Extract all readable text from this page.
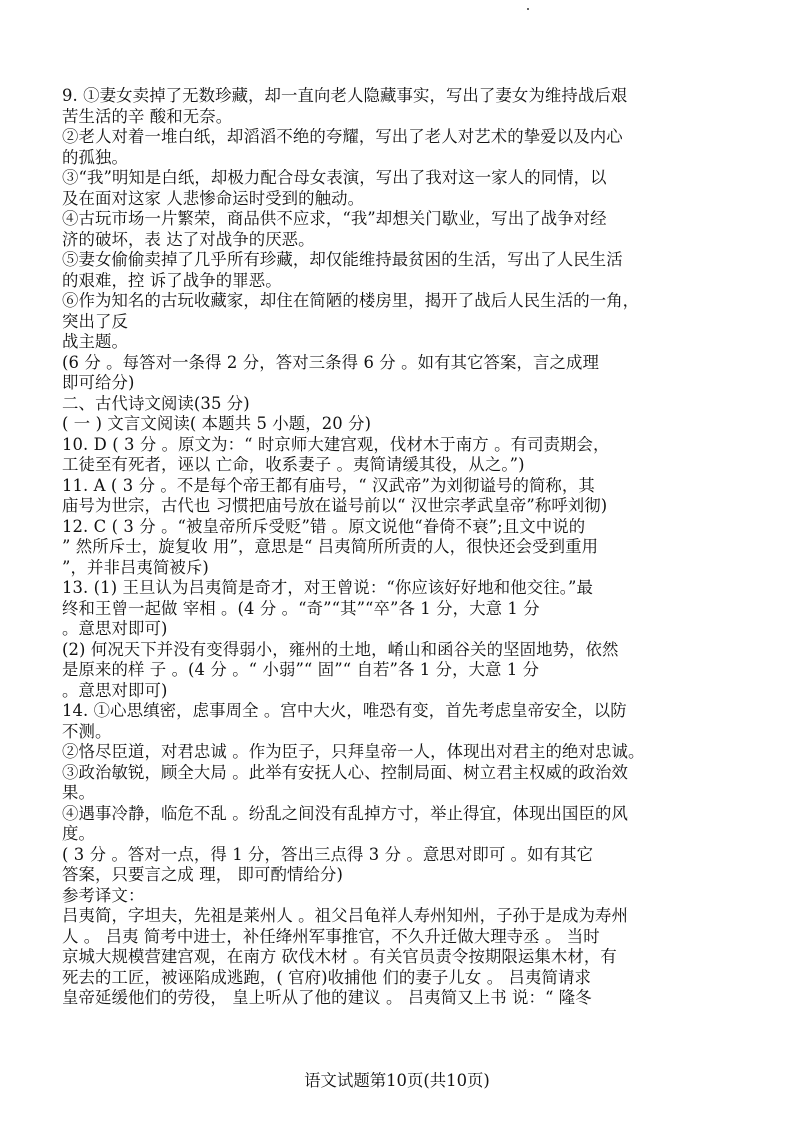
9. ①妻女卖掉了无数珍藏，却一直向老人隐藏事实，写出了妻女为维持战后艰
苦生活的辛 酸和无奈。
②老人对着一堆白纸，却滔滔不绝的夸耀，写出了老人对艺术的挚爱以及内心
的孤独。
③“我”明知是白纸，却极力配合母女表演，写出了我对这一家人的同情，以
及在面对这家 人悲惨命运时受到的触动。
④古玩市场一片繁荣，商品供不应求，“我”却想关门歇业，写出了战争对经
济的破坏，表 达了对战争的厌恶。
⑤妻女偷偷卖掉了几乎所有珍藏，却仅能维持最贫困的生活，写出了人民生活
的艰难，控 诉了战争的罪恶。
⑥作为知名的古玩收藏家，却住在简陋的楼房里，揭开了战后人民生活的一角，
突出了反
战主题。
(6 分 。每答对一条得 2 分，答对三条得 6 分 。如有其它答案，言之成理
即可给分)
二、古代诗文阅读(35 分)
( 一 ) 文言文阅读( 本题共 5 小题，20 分)
10. D ( 3 分 。原文为：“ 时京师大建宫观，伐材木于南方 。有司责期会，
工徒至有死者，诬以 亡命，收系妻子 。夷简请缓其役，从之。”)
11. A ( 3 分 。不是每个帝王都有庙号，“ 汉武帝”为刘彻谥号的简称，其
庙号为世宗，古代也 习惯把庙号放在谥号前以“ 汉世宗孝武皇帝”称呼刘彻)
12. C ( 3 分 。“被皇帝所斥受贬”错 。原文说他“眷倚不衰”;且文中说的
” 然所斥士，旋复收 用”，意思是“ 吕夷简所所责的人，很快还会受到重用
”，并非吕夷简被斥)
13. (1) 王旦认为吕夷简是奇才，对王曾说：“你应该好好地和他交往。”最
终和王曾一起做 宰相 。(4 分 。“奇”“其”“卒”各 1 分，大意 1 分
。意思对即可)
(2) 何况天下并没有变得弱小，雍州的土地，崤山和函谷关的坚固地势，依然
是原来的样 子 。(4 分 。“ 小弱”“ 固”“ 自若”各 1 分，大意 1 分
。意思对即可)
14. ①心思缜密，虑事周全 。宫中大火，唯恐有变，首先考虑皇帝安全，以防
不测。
②恪尽臣道，对君忠诚 。作为臣子，只拜皇帝一人，体现出对君主的绝对忠诚。
③政治敏锐，顾全大局 。此举有安抚人心、控制局面、树立君主权威的政治效
果。
④遇事冷静，临危不乱 。纷乱之间没有乱掉方寸，举止得宜，体现出国臣的风
度。
( 3 分 。答对一点，得 1 分，答出三点得 3 分 。意思对即可 。如有其它
答案，只要言之成 理， 即可酌情给分)
参考译文：
吕夷简，字坦夫，先祖是莱州人 。祖父吕龟祥人寿州知州，子孙于是成为寿州
人 。 吕夷 简考中进士，补任绛州军事推官，不久升迁做大理寺丞 。 当时
京城大规模营建宫观，在南方 砍伐木材 。有关官员责令按期限运集木材，有
死去的工匠，被诬陷成逃跑，( 官府)收捕他 们的妻子儿女 。 吕夷简请求
皇帝延缓他们的劳役， 皇上听从了他的建议 。 吕夷简又上书 说：“ 隆冬
语文试题第10页(共10页)
